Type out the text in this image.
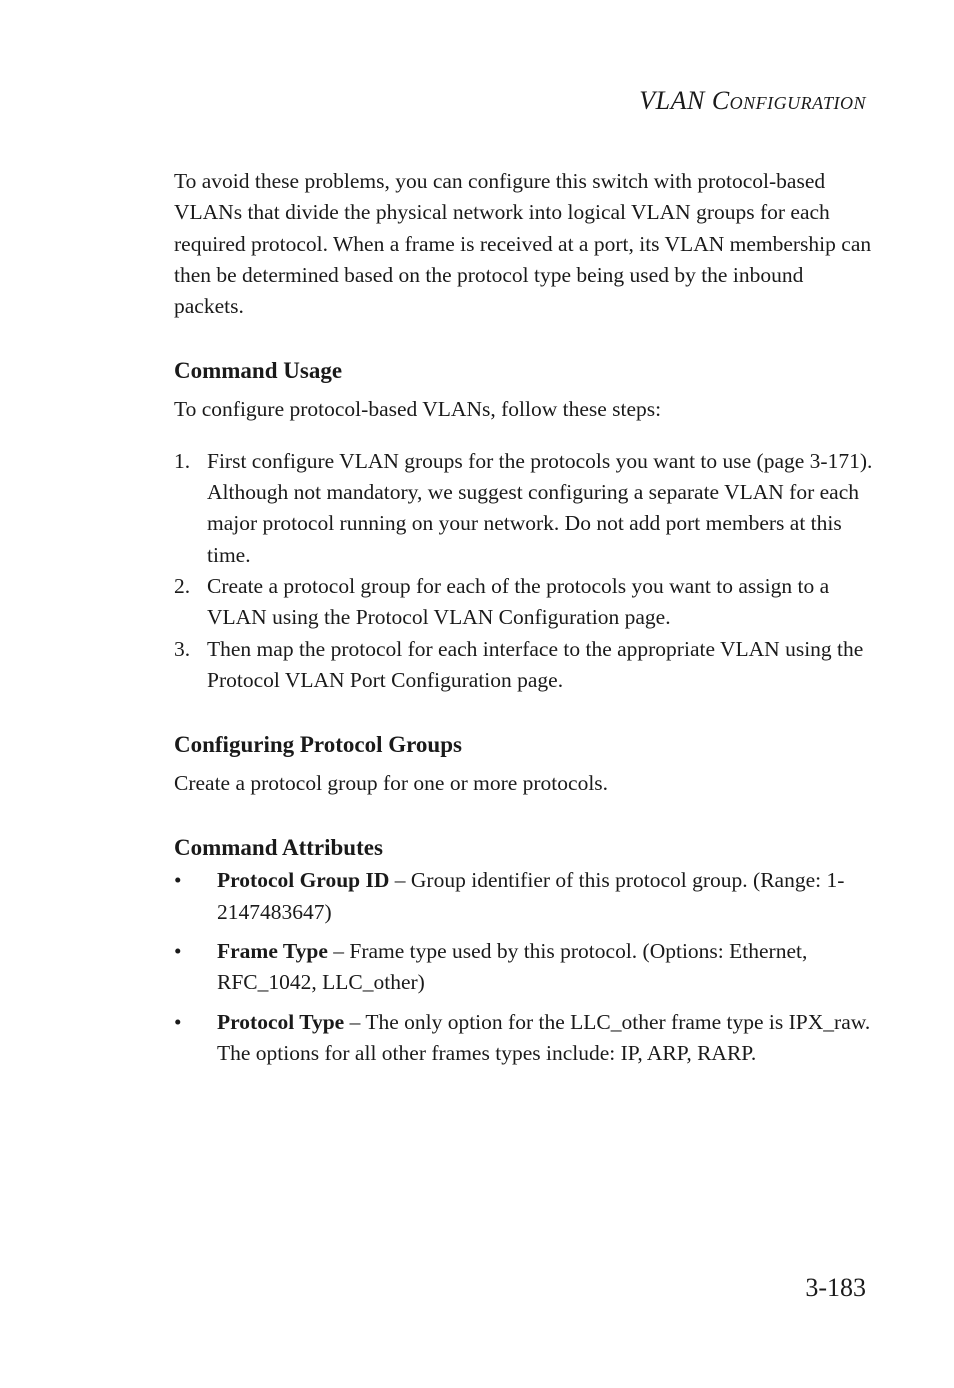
VLAN Configuration

To avoid these problems, you can configure this switch with protocol-based VLANs that divide the physical network into logical VLAN groups for each required protocol. When a frame is received at a port, its VLAN membership can then be determined based on the protocol type being used by the inbound packets.

Command Usage

To configure protocol-based VLANs, follow these steps:

1. First configure VLAN groups for the protocols you want to use (page 3-171). Although not mandatory, we suggest configuring a separate VLAN for each major protocol running on your network. Do not add port members at this time.
2. Create a protocol group for each of the protocols you want to assign to a VLAN using the Protocol VLAN Configuration page.
3. Then map the protocol for each interface to the appropriate VLAN using the Protocol VLAN Port Configuration page.
Configuring Protocol Groups

Create a protocol group for one or more protocols.

Command Attributes
• Protocol Group ID – Group identifier of this protocol group. (Range: 1-2147483647)
• Frame Type – Frame type used by this protocol. (Options: Ethernet, RFC_1042, LLC_other)
• Protocol Type – The only option for the LLC_other frame type is IPX_raw. The options for all other frames types include: IP, ARP, RARP.
3-183
